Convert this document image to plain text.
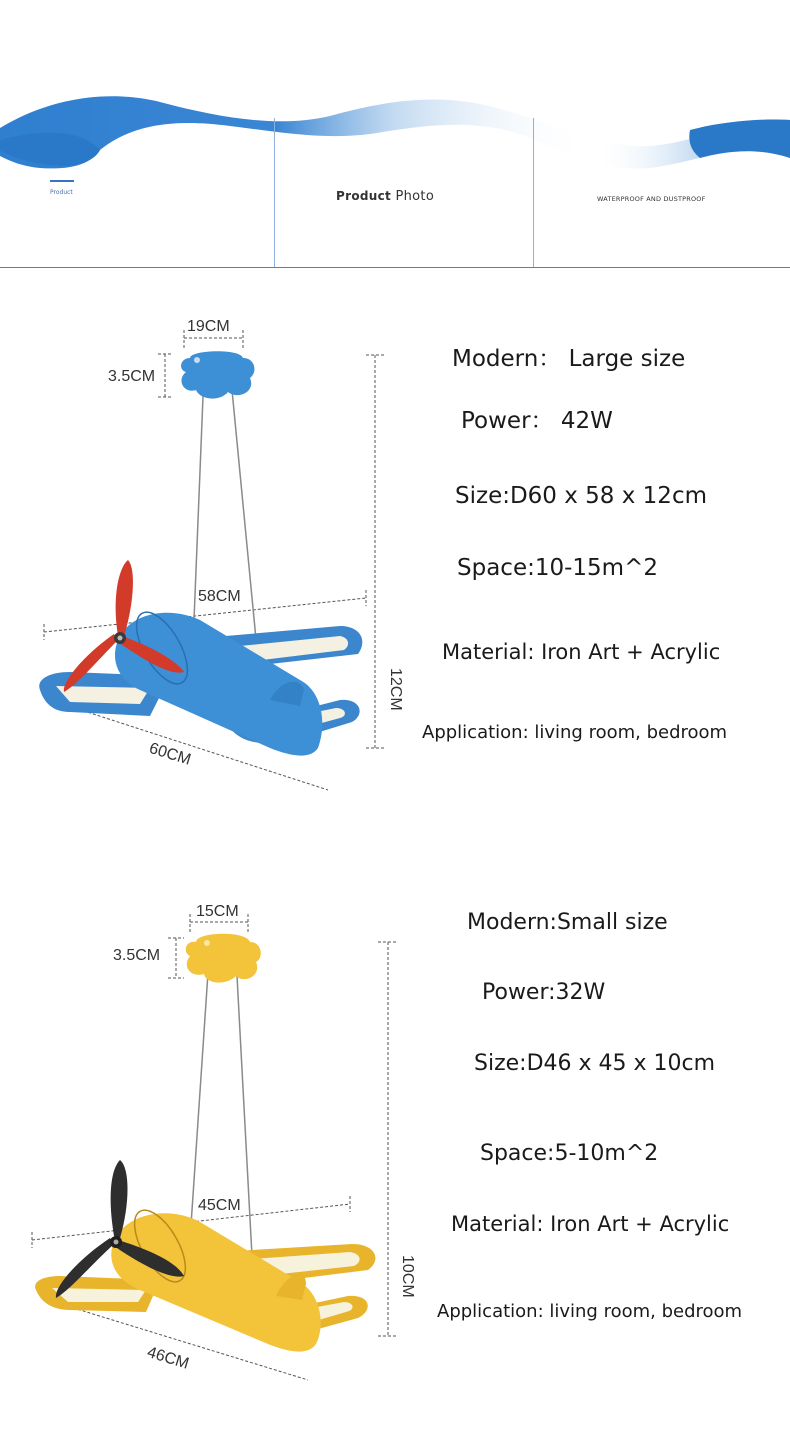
Product	Product Photo	WATERPROOF AND DUSTPROOF
19CM
3.5CM
58CM
60CM
12CM
Modern： Large size
Power： 42W
Size:D60 x 58 x 12cm
Space:10-15m^2
Material: Iron Art + Acrylic
Application: living room, bedroom
15CM
3.5CM
45CM
46CM
10CM
Modern:Small size
Power:32W
Size:D46 x 45 x 10cm
Space:5-10m^2
Material: Iron Art + Acrylic
Application: living room, bedroom
